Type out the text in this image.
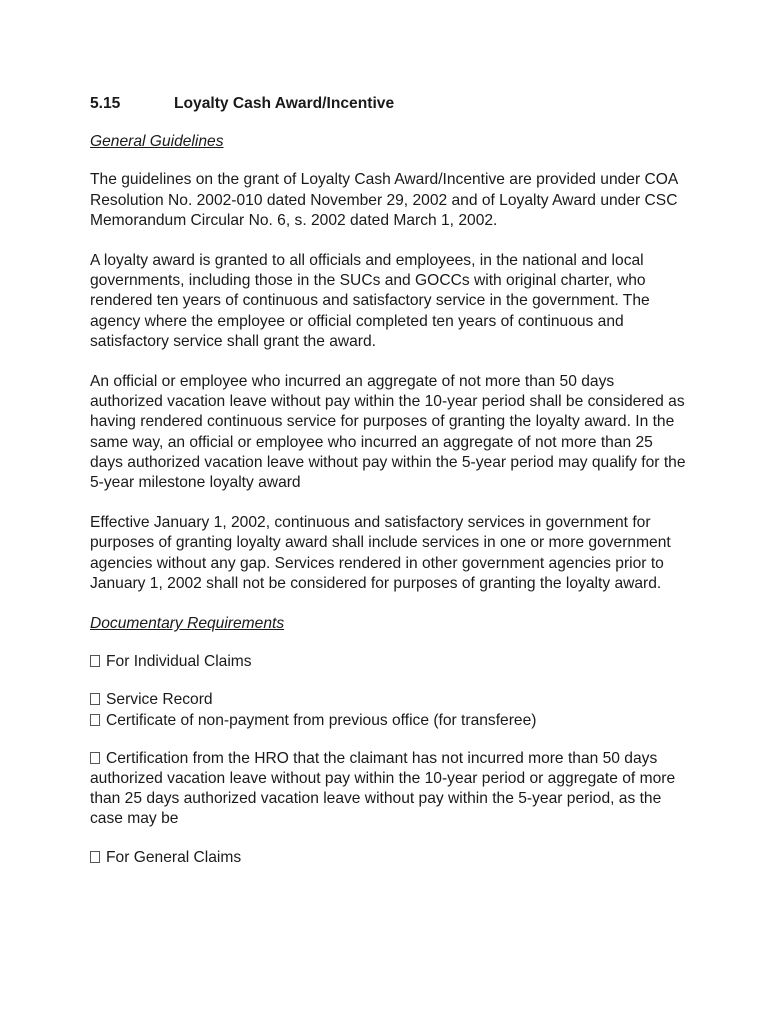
5.15	Loyalty Cash Award/Incentive
General Guidelines

The guidelines on the grant of Loyalty Cash Award/Incentive are provided under COA Resolution No. 2002-010 dated November 29, 2002 and of Loyalty Award under CSC Memorandum Circular No. 6, s. 2002 dated March 1, 2002.

A loyalty award is granted to all officials and employees, in the national and local governments, including those in the SUCs and GOCCs with original charter, who rendered ten years of continuous and satisfactory service in the government. The agency where the employee or official completed ten years of continuous and satisfactory service shall grant the award.

An official or employee who incurred an aggregate of not more than 50 days authorized vacation leave without pay within the 10-year period shall be considered as having rendered continuous service for purposes of granting the loyalty award. In the same way, an official or employee who incurred an aggregate of not more than 25 days authorized vacation leave without pay within the 5-year period may qualify for the 5-year milestone loyalty award

Effective January 1, 2002, continuous and satisfactory services in government for purposes of granting loyalty award shall include services in one or more government agencies without any gap. Services rendered in other government agencies prior to January 1, 2002 shall not be considered for purposes of granting the loyalty award.

Documentary Requirements
For Individual Claims
Service Record
Certificate of non-payment from previous office (for transferee)
Certification from the HRO that the claimant has not incurred more than 50 days authorized vacation leave without pay within the 10-year period or aggregate of more than 25 days authorized vacation leave without pay within the 5-year period, as the case may be
For General Claims
